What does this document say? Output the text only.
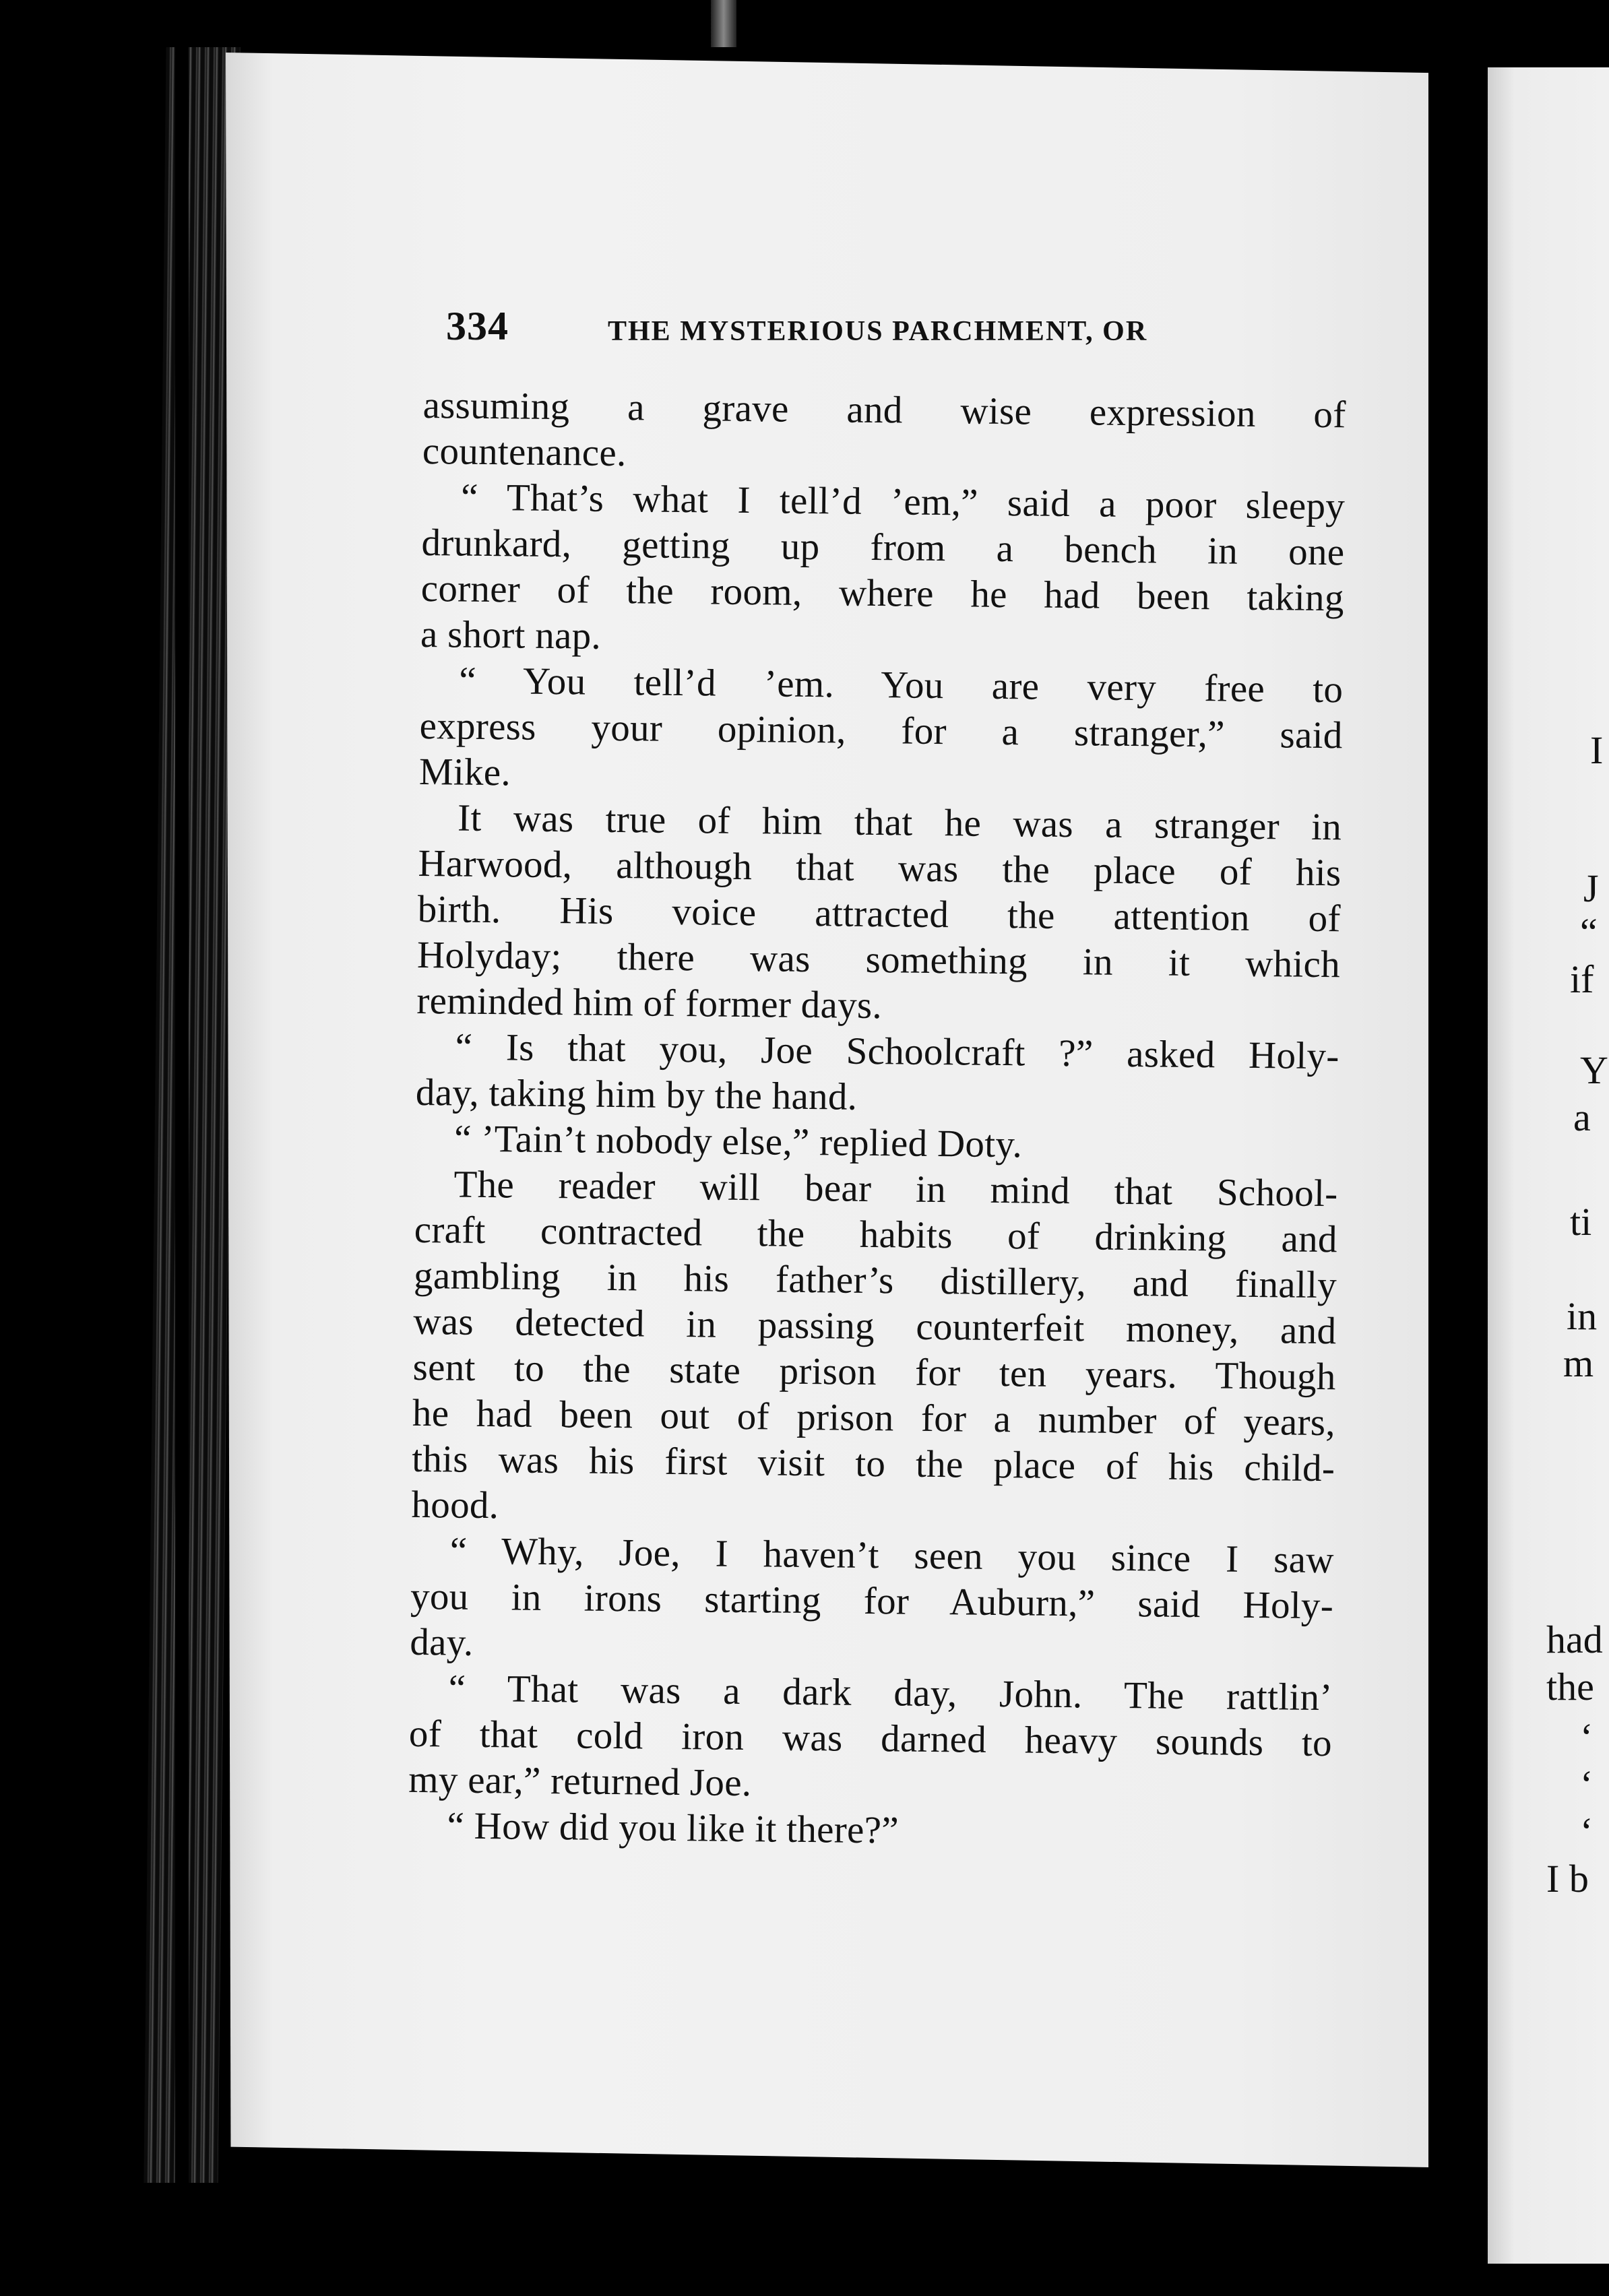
334	THE MYSTERIOUS PARCHMENT, OR
assuming a grave and wise expression of
countenance.
“ That’s what I tell’d ’em,” said a poor sleepy
drunkard, getting up from a bench in one
corner of the room, where he had been taking
a short nap.
“ You tell’d ’em. You are very free to
express your opinion, for a stranger,” said
Mike.
It was true of him that he was a stranger in
Harwood, although that was the place of his
birth. His voice attracted the attention of
Holyday; there was something in it which
reminded him of former days.
“ Is that you, Joe Schoolcraft ?” asked Holy-
day, taking him by the hand.
“ ’Tain’t nobody else,” replied Doty.
The reader will bear in mind that School-
craft contracted the habits of drinking and
gambling in his father’s distillery, and finally
was detected in passing counterfeit money, and
sent to the state prison for ten years. Though
he had been out of prison for a number of years,
this was his first visit to the place of his child-
hood.
“ Why, Joe, I haven’t seen you since I saw
you in irons starting for Auburn,” said Holy-
day.
“ That was a dark day, John. The rattlin’
of that cold iron was darned heavy sounds to
my ear,” returned Joe.
“ How did you like it there?”
I
J
“
if
Y
a
ti
in
m
had
the
‘
‘
‘
I b
